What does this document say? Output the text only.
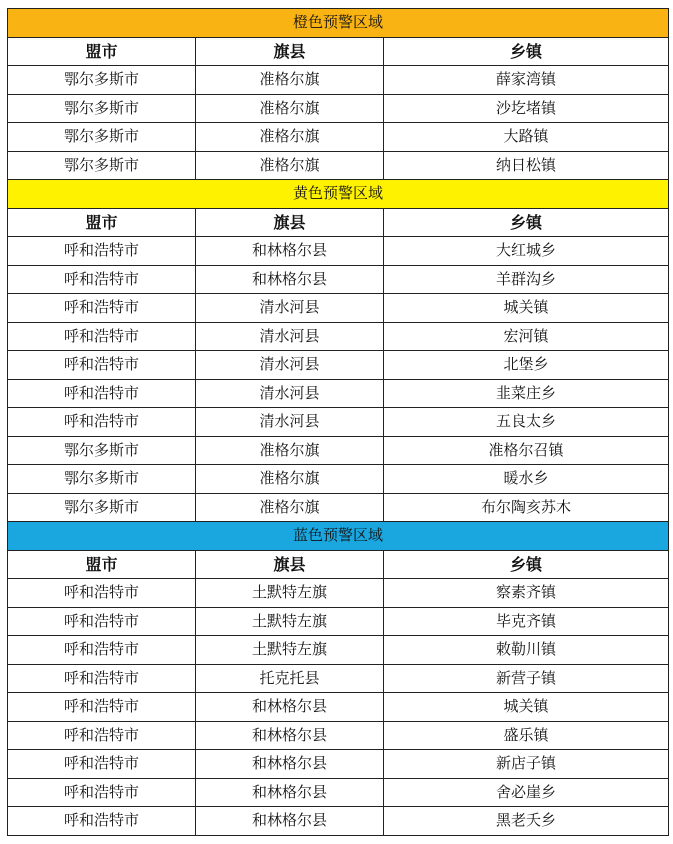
橙色预警区域		
盟市	旗县	乡镇
鄂尔多斯市	准格尔旗	薛家湾镇
鄂尔多斯市	准格尔旗	沙圪堵镇
鄂尔多斯市	准格尔旗	大路镇
鄂尔多斯市	准格尔旗	纳日松镇
黄色预警区域		
盟市	旗县	乡镇
呼和浩特市	和林格尔县	大红城乡
呼和浩特市	和林格尔县	羊群沟乡
呼和浩特市	清水河县	城关镇
呼和浩特市	清水河县	宏河镇
呼和浩特市	清水河县	北堡乡
呼和浩特市	清水河县	韭菜庄乡
呼和浩特市	清水河县	五良太乡
鄂尔多斯市	准格尔旗	准格尔召镇
鄂尔多斯市	准格尔旗	暖水乡
鄂尔多斯市	准格尔旗	布尔陶亥苏木
蓝色预警区域		
盟市	旗县	乡镇
呼和浩特市	土默特左旗	察素齐镇
呼和浩特市	土默特左旗	毕克齐镇
呼和浩特市	土默特左旗	敕勒川镇
呼和浩特市	托克托县	新营子镇
呼和浩特市	和林格尔县	城关镇
呼和浩特市	和林格尔县	盛乐镇
呼和浩特市	和林格尔县	新店子镇
呼和浩特市	和林格尔县	舍必崖乡
呼和浩特市	和林格尔县	黑老夭乡
